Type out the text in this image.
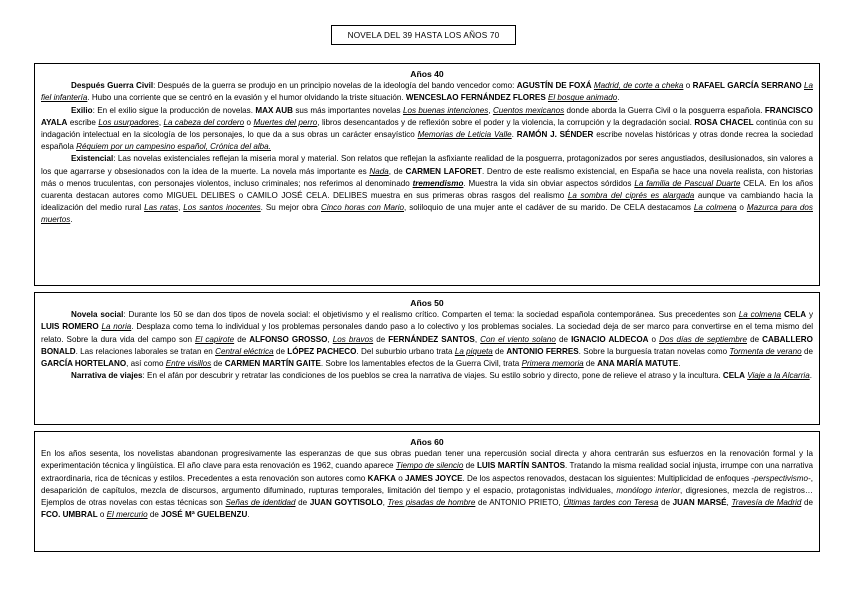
NOVELA DEL 39 HASTA LOS AÑOS 70
Años 40

Después Guerra Civil: Después de la guerra se produjo en un principio novelas de la ideología del bando vencedor como: AGUSTÍN DE FOXÁ Madrid, de corte a cheka o RAFAEL GARCÍA SERRANO La fiel infantería. Hubo una corriente que se centró en la evasión y el humor olvidando la triste situación. WENCESLAO FERNÁNDEZ FLORES El bosque animado.

Exilio: En el exilio sigue la producción de novelas. MAX AUB sus más importantes novelas Los buenas intenciones, Cuentos mexicanos donde aborda la Guerra Civil o la posguerra española. FRANCISCO AYALA escribe Los usurpadores, La cabeza del cordero o Muertes del perro, libros desencantados y de reflexión sobre el poder y la violencia, la corrupción y la degradación social. ROSA CHACEL continúa con su indagación intelectual en la sicología de los personajes, lo que da a sus obras un carácter ensayístico Memorias de Leticia Valle. RAMÓN J. SÉNDER escribe novelas históricas y otras donde recrea la sociedad española Réquiem por un campesino español, Crónica del alba.

Existencial: Las novelas existenciales reflejan la miseria moral y material. Son relatos que reflejan la asfixiante realidad de la posguerra, protagonizados por seres angustiados, desilusionados, sin valores a los que agarrarse y obsesionados con la idea de la muerte. La novela más importante es Nada, de CARMEN LAFORET. Dentro de este realismo existencial, en España se hace una novela realista, con historias más o menos truculentas, con personajes violentos, incluso criminales; nos referimos al denominado tremendismo. Muestra la vida sin obviar aspectos sórdidos La familia de Pascual Duarte CELA. En los años cuarenta destacan autores como MIGUEL DELIBES o CAMILO JOSÉ CELA. DELIBES muestra en sus primeras obras rasgos del realismo La sombra del ciprés es alargada aunque va cambiando hacia la idealización del medio rural Las ratas, Los santos inocentes. Su mejor obra Cinco horas con Mario, soliloquio de una mujer ante el cadáver de su marido. De CELA destacamos La colmena o Mazurca para dos muertos.

Años 50

Novela social: Durante los 50 se dan dos tipos de novela social: el objetivismo y el realismo crítico. Comparten el tema: la sociedad española contemporánea. Sus precedentes son La colmena CELA y LUIS ROMERO La noria. Desplaza como tema lo individual y los problemas personales dando paso a lo colectivo y los problemas sociales. La sociedad deja de ser marco para convertirse en el tema mismo del relato. Sobre la dura vida del campo son El capirote de ALFONSO GROSSO, Los bravos de FERNÁNDEZ SANTOS, Con el viento solano de IGNACIO ALDECOA o Dos días de septiembre de CABALLERO BONALD. Las relaciones laborales se tratan en Central eléctrica de LÓPEZ PACHECO. Del suburbio urbano trata La piqueta de ANTONIO FERRES. Sobre la burguesía tratan novelas como Tormenta de verano de GARCÍA HORTELANO, así como Entre visillos de CARMEN MARTÍN GAITE. Sobre los lamentables efectos de la Guerra Civil, trata Primera memoria de ANA MARÍA MATUTE.

Narrativa de viajes: En el afán por descubrir y retratar las condiciones de los pueblos se crea la narrativa de viajes. Su estilo sobrio y directo, pone de relieve el atraso y la incultura. CELA Viaje a la Alcarria.

Años 60

En los años sesenta, los novelistas abandonan progresivamente las esperanzas de que sus obras puedan tener una repercusión social directa y ahora centrarán sus esfuerzos en la renovación formal y la experimentación técnica y lingüística. El año clave para esta renovación es 1962, cuando aparece Tiempo de silencio de LUIS MARTÍN SANTOS. Tratando la misma realidad social injusta, irrumpe con una narrativa extraordinaria, rica de técnicas y estilos. Precedentes a esta renovación son autores como KAFKA o JAMES JOYCE. De los aspectos renovados, destacan los siguientes: Multiplicidad de enfoques -perspectivismo-, desaparición de capítulos, mezcla de discursos, argumento difuminado, rupturas temporales, limitación del tiempo y el espacio, protagonistas individuales, monólogo interior, digresiones, mezcla de registros… Ejemplos de otras novelas con estas técnicas son Señas de identidad de JUAN GOYTISOLO, Tres pisadas de hombre de ANTONIO PRIETO, Últimas tardes con Teresa de JUAN MARSÉ, Travesía de Madrid de FCO. UMBRAL o El mercurio de JOSÉ Mª GUELBENZU.
